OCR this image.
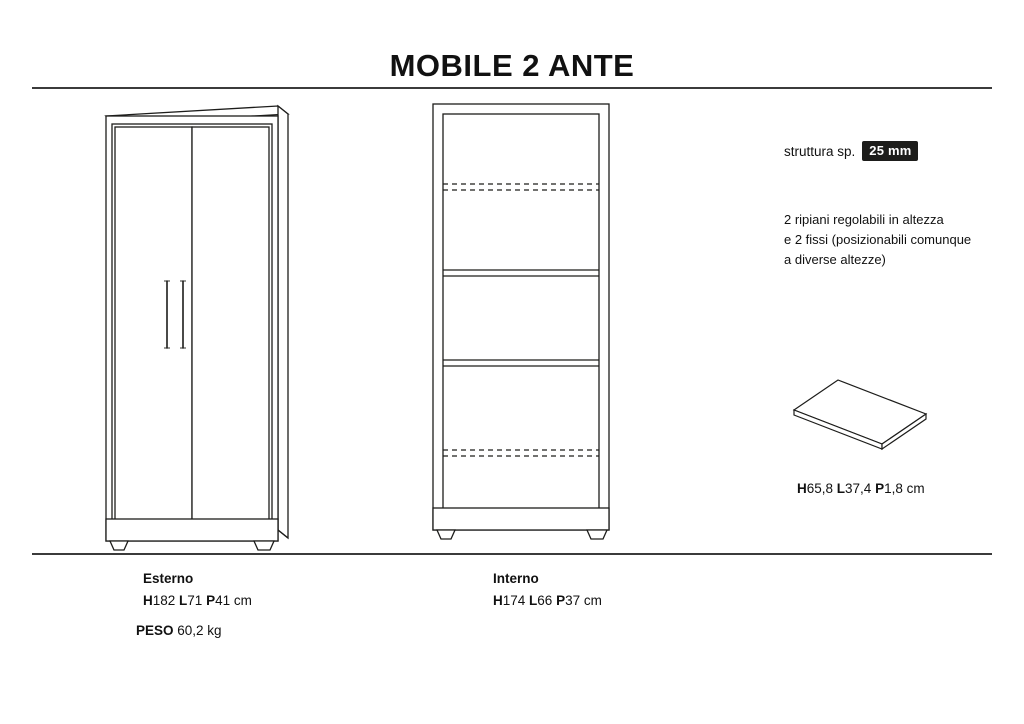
MOBILE 2 ANTE
struttura sp.	25 mm
2 ripiani regolabili in altezza
e 2 fissi (posizionabili comunque
a diverse altezze)
H65,8 L37,4 P1,8 cm
Esterno
H182 L71 P41 cm
PESO 60,2 kg
Interno
H174 L66 P37 cm
